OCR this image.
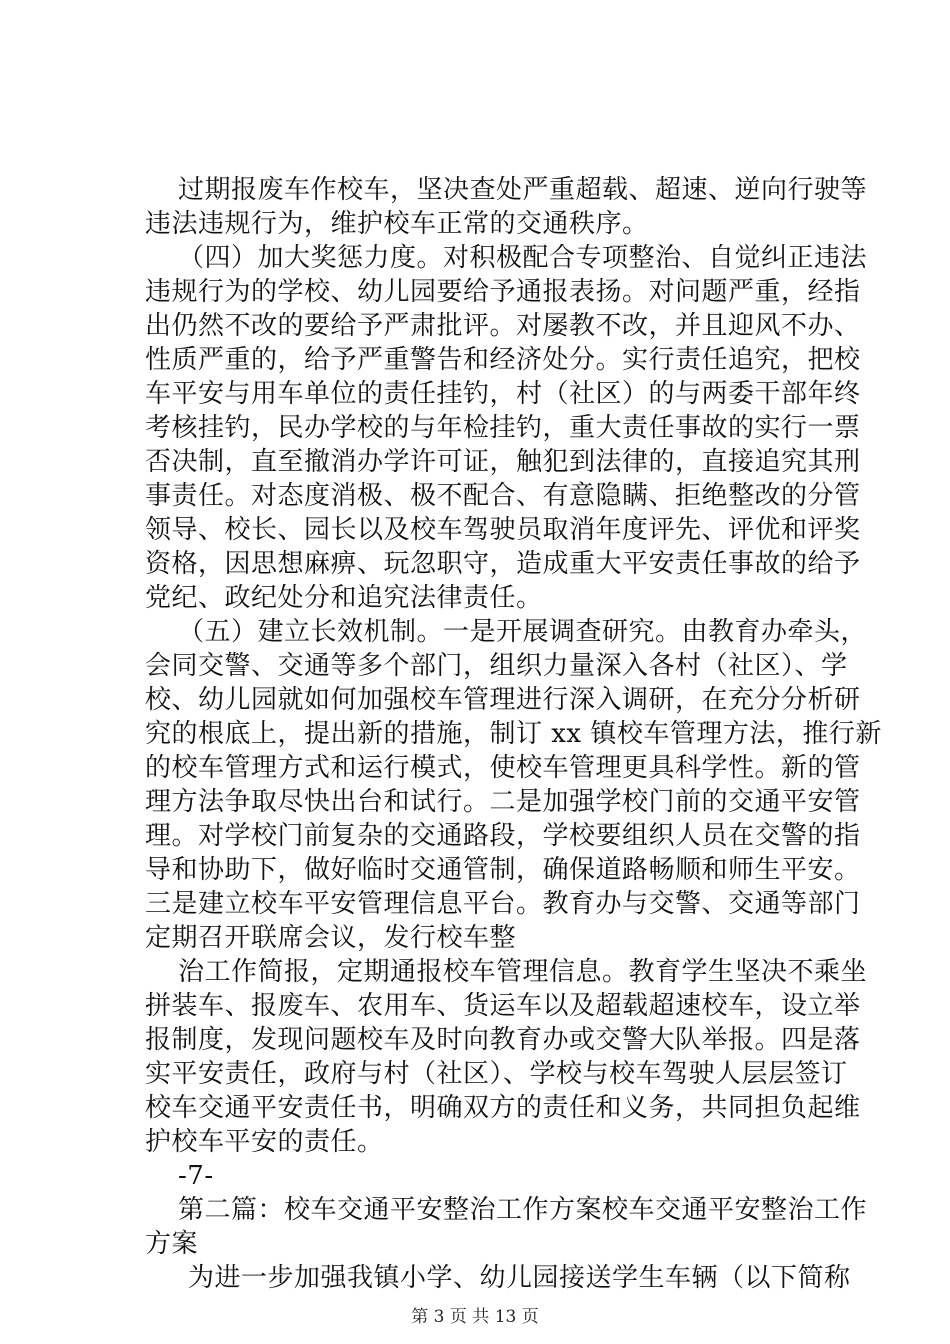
过期报废车作校车，坚决查处严重超载、超速、逆向行驶等
违法违规行为，维护校车正常的交通秩序。
（四）加大奖惩力度。对积极配合专项整治、自觉纠正违法
违规行为的学校、幼儿园要给予通报表扬。对问题严重，经指
出仍然不改的要给予严肃批评。对屡教不改，并且迎风不办、
性质严重的，给予严重警告和经济处分。实行责任追究，把校
车平安与用车单位的责任挂钓，村（社区）的与两委干部年终
考核挂钓，民办学校的与年检挂钓，重大责任事故的实行一票
否决制，直至撤消办学许可证，触犯到法律的，直接追究其刑
事责任。对态度消极、极不配合、有意隐瞒、拒绝整改的分管
领导、校长、园长以及校车驾驶员取消年度评先、评优和评奖
资格，因思想麻痹、玩忽职守，造成重大平安责任事故的给予
党纪、政纪处分和追究法律责任。
（五）建立长效机制。一是开展调查研究。由教育办牵头，
会同交警、交通等多个部门，组织力量深入各村（社区）、学
校、幼儿园就如何加强校车管理进行深入调研，在充分分析研
究的根底上，提出新的措施，制订 xx 镇校车管理方法，推行新
的校车管理方式和运行模式，使校车管理更具科学性。新的管
理方法争取尽快出台和试行。二是加强学校门前的交通平安管
理。对学校门前复杂的交通路段，学校要组织人员在交警的指
导和协助下，做好临时交通管制，确保道路畅顺和师生平安。
三是建立校车平安管理信息平台。教育办与交警、交通等部门
定期召开联席会议，发行校车整
治工作简报，定期通报校车管理信息。教育学生坚决不乘坐
拼装车、报废车、农用车、货运车以及超载超速校车，设立举
报制度，发现问题校车及时向教育办或交警大队举报。四是落
实平安责任，政府与村（社区）、学校与校车驾驶人层层签订
校车交通平安责任书，明确双方的责任和义务，共同担负起维
护校车平安的责任。
-7-
第二篇：校车交通平安整治工作方案校车交通平安整治工作
方案
为进一步加强我镇小学、幼儿园接送学生车辆（以下简称
第 3 页 共 13 页
